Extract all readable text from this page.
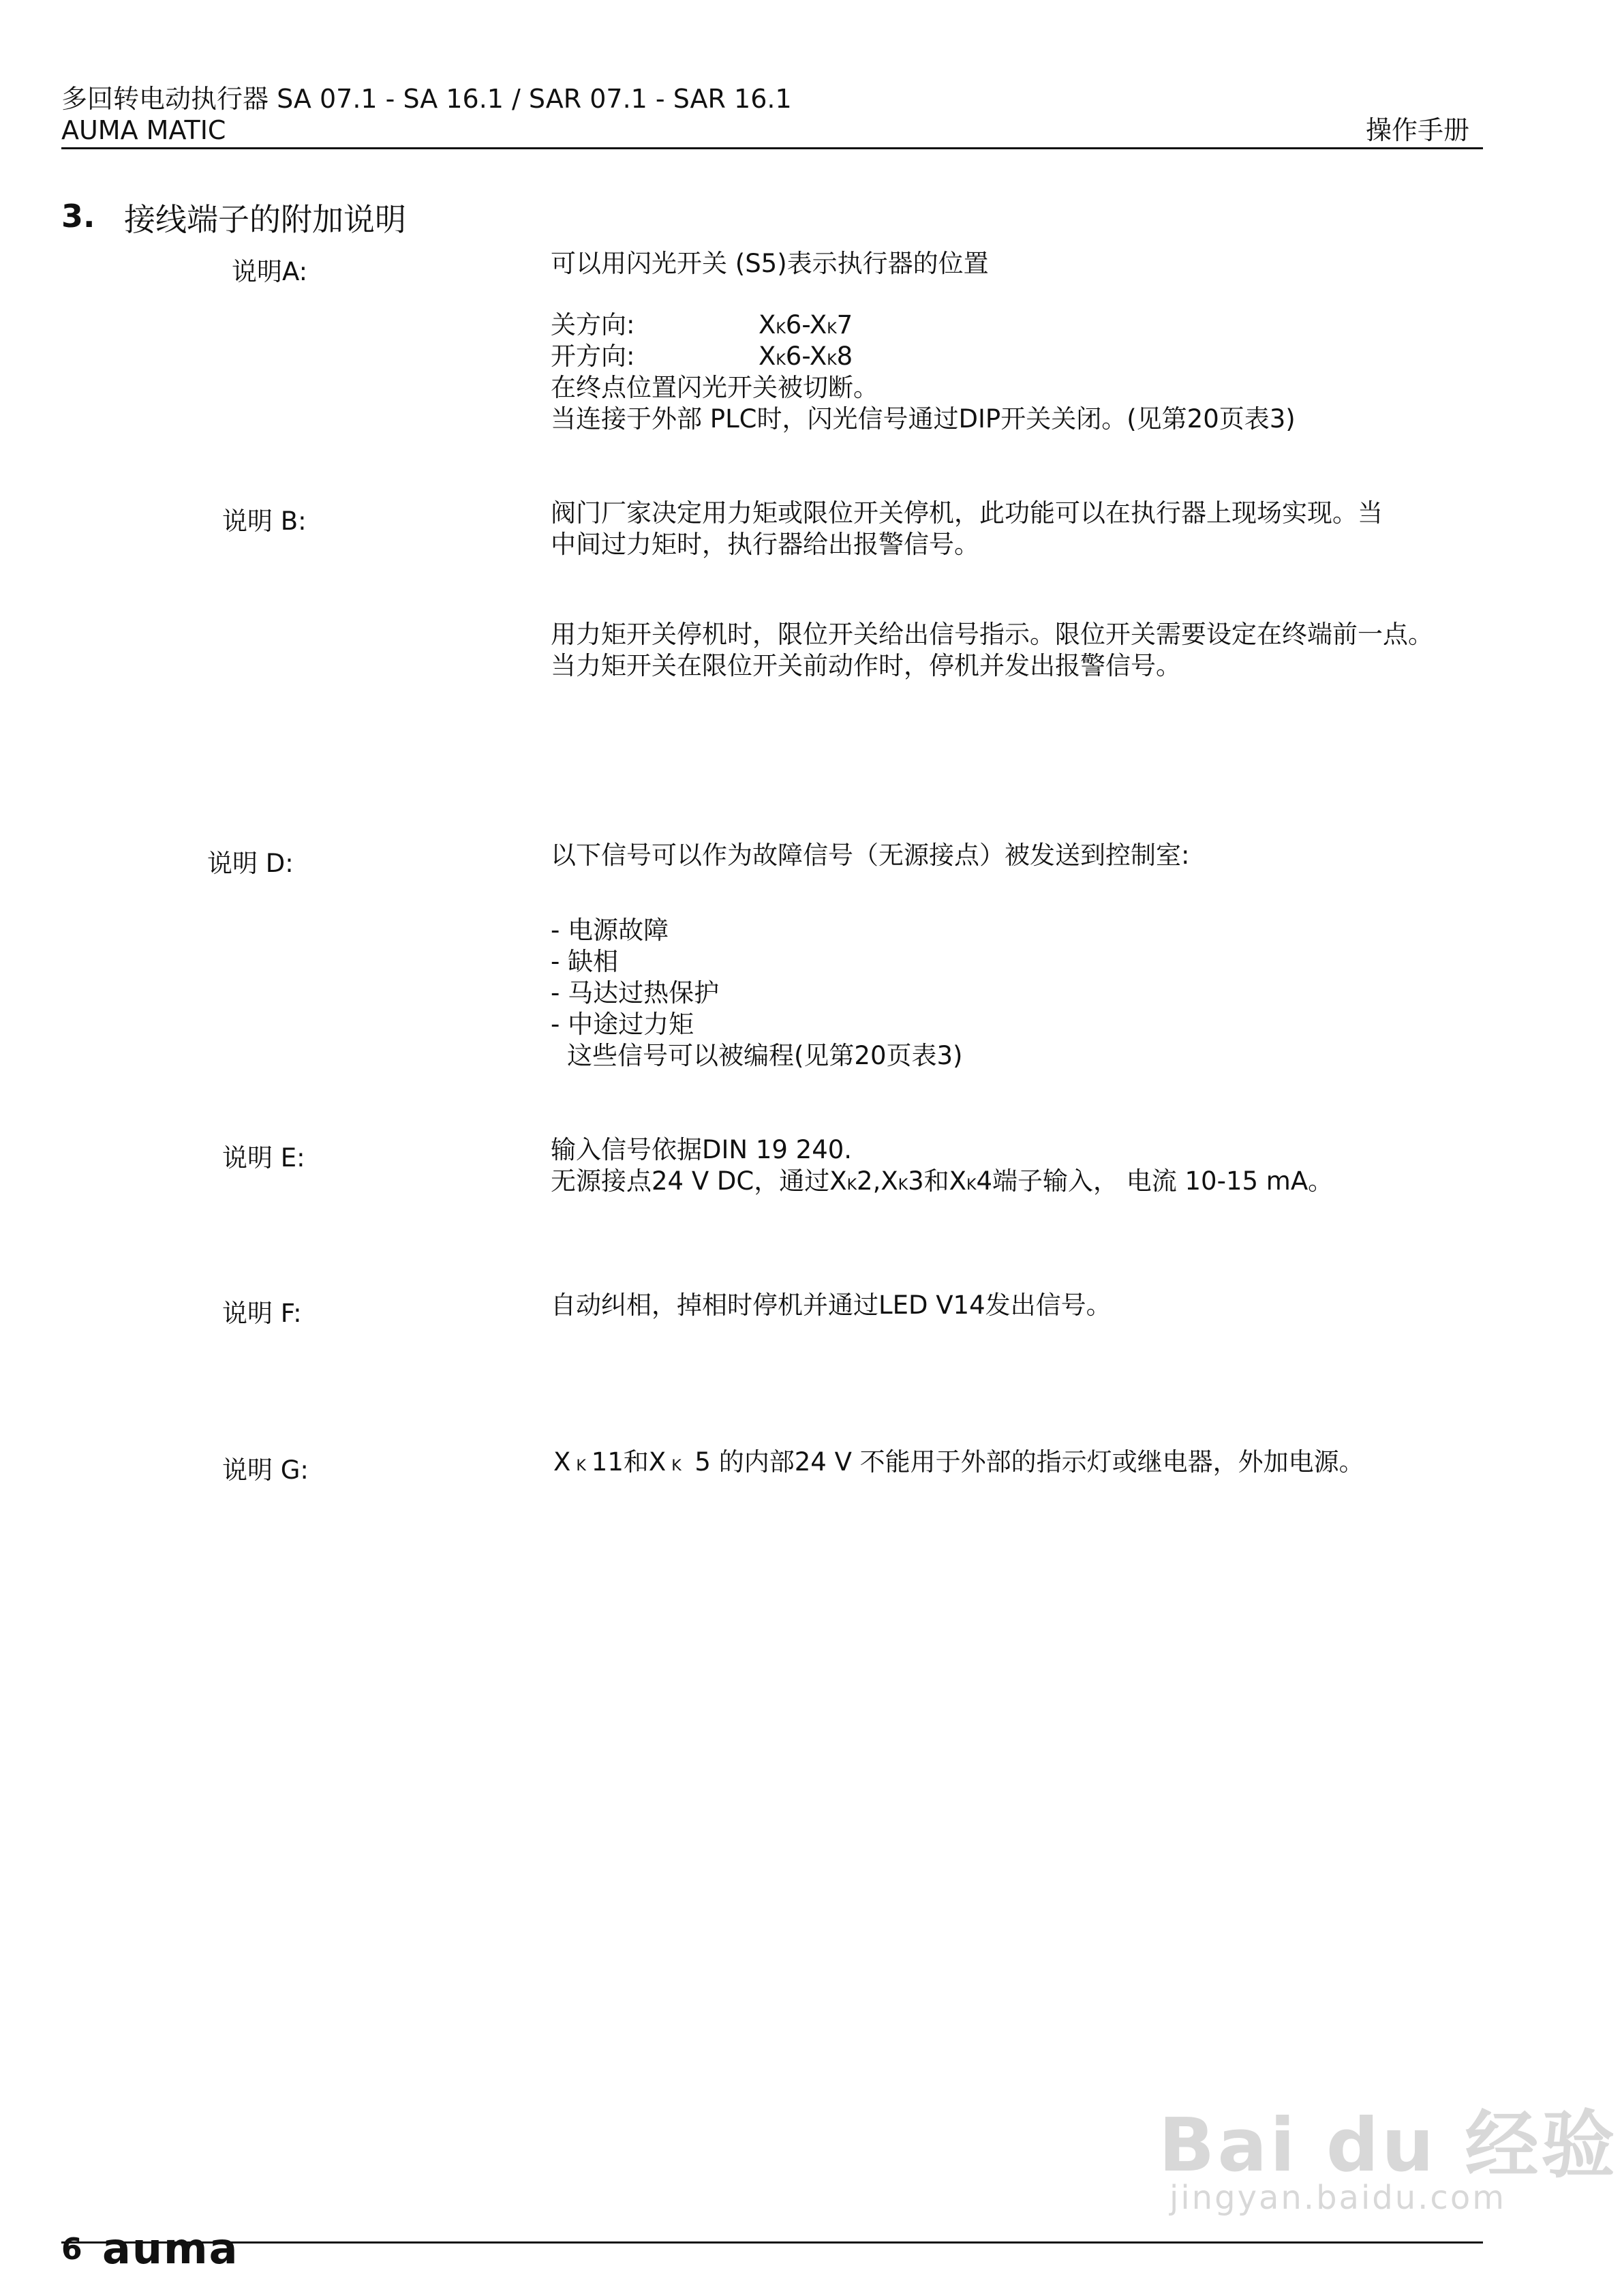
多回转电动执行器 SA 07.1 - SA 16.1 / SAR 07.1 - SAR 16.1
AUMA MATIC	操作手册
3. 接线端子的附加说明
说明A:	可以用闪光开关 (S5)表示执行器的位置
关方向:	XK6-XK7
开方向:	XK6-XK8
在终点位置闪光开关被切断。
当连接于外部 PLC时，闪光信号通过DIP开关关闭。(见第20页表3)
说明 B:	阀门厂家决定用力矩或限位开关停机，此功能可以在执行器上现场实现。当
中间过力矩时，执行器给出报警信号。
用力矩开关停机时，限位开关给出信号指示。限位开关需要设定在终端前一点。
当力矩开关在限位开关前动作时，停机并发出报警信号。
说明 D:	以下信号可以作为故障信号（无源接点）被发送到控制室:
- 电源故障
- 缺相
- 马达过热保护
- 中途过力矩
这些信号可以被编程(见第20页表3)
说明 E:	输入信号依据DIN 19 240.
无源接点24 V DC，通过XK2,XK3和XK4端子输入， 电流 10-15 mA。
说明 F:	自动纠相，掉相时停机并通过LED V14发出信号。
说明 G:	X K 11和X K 5 的内部24 V 不能用于外部的指示灯或继电器，外加电源。
Bai du 经验
jingyan.baidu.com
6 auma
